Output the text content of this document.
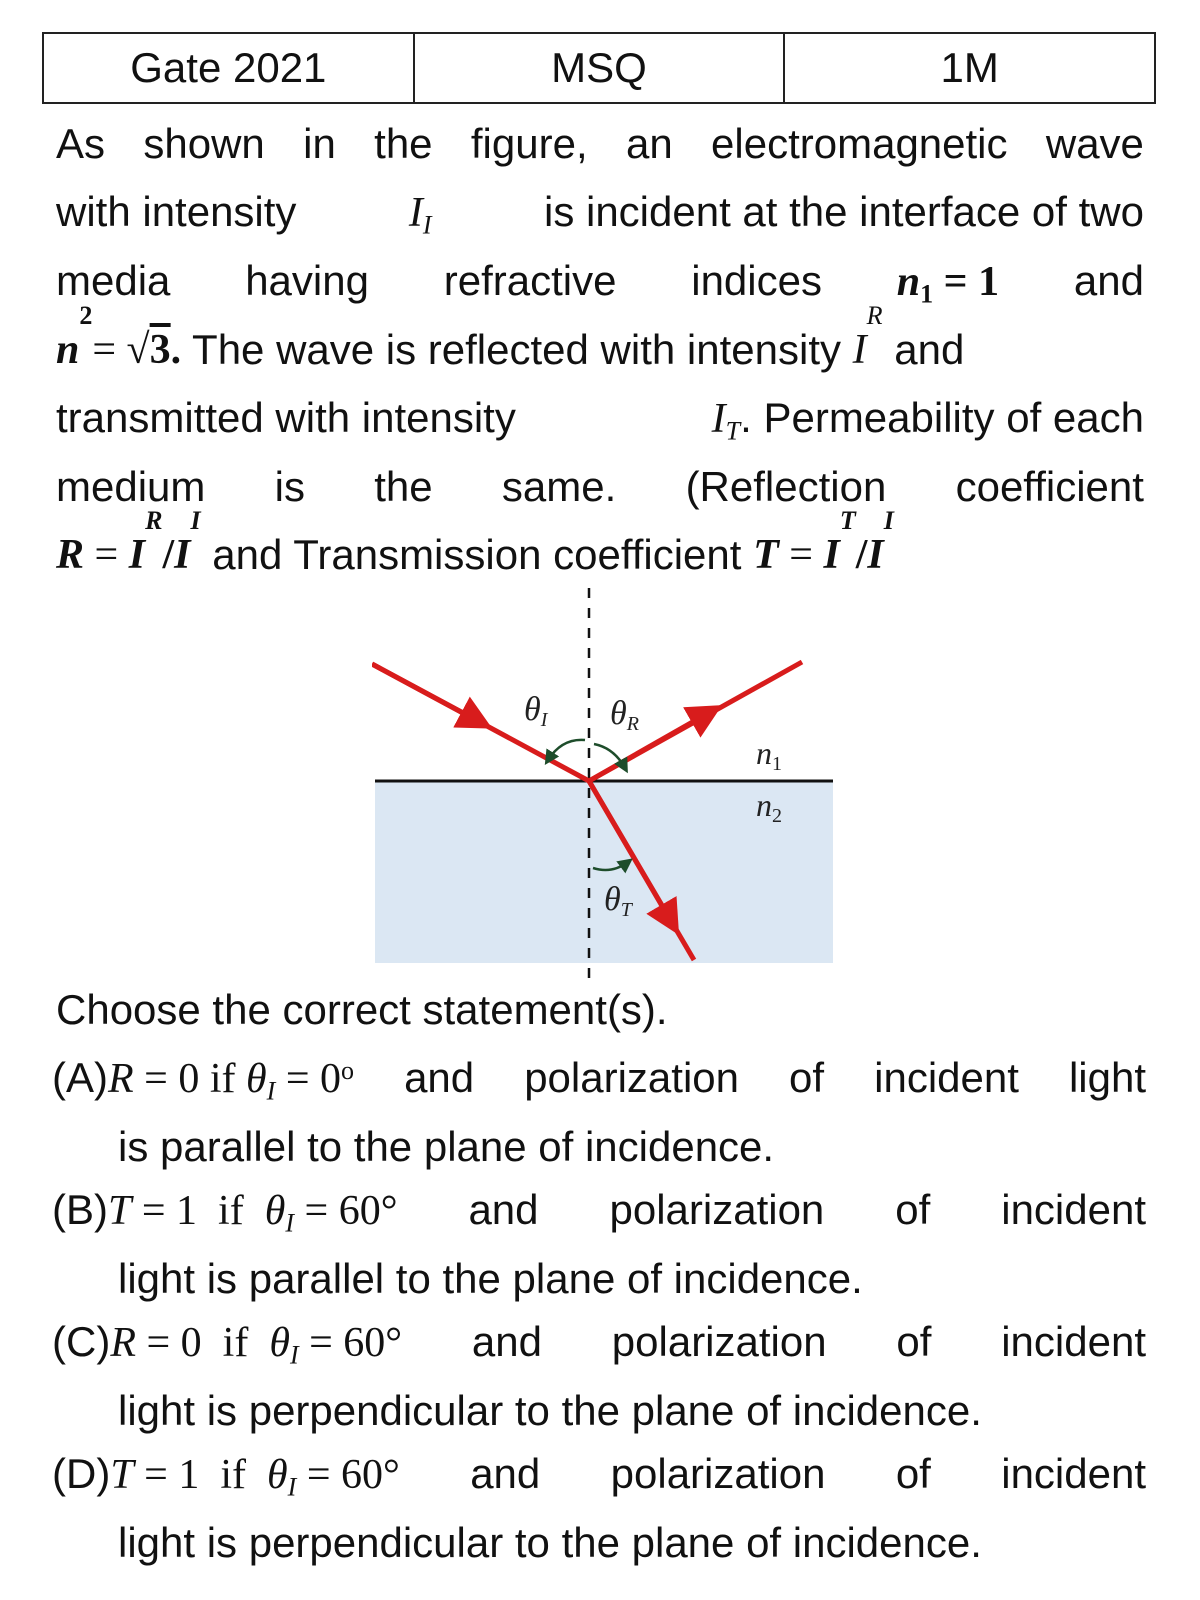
Gate 2021	MSQ	1M
As shown in the figure, an electromagnetic wave
with intensity	$I_I$	is incident at the interface of two
media having refractive indices $n_1 = 1$ and
n
2
= √ 3 . The wave is reflected with intensity I
R
and
transmitted with intensity	$I_T$. Permeability of each
medium is the same. (Reflection coefficient
R = I
R
/ I
I
and Transmission coefficient T = I
T
/ I
I
θI θR
θT
n1
n2
Choose the correct statement(s).
(A)R = 0 if $\theta_I = 0^o$ and polarization of incident light
is parallel to the plane of incidence.
(B)T = 1  if  $\theta_I = 60^\circ$ and polarization of incident
light is parallel to the plane of incidence.
(C)R = 0  if  $\theta_I = 60^\circ$ and polarization of incident
light is perpendicular to the plane of incidence.
(D)T = 1  if  $\theta_I = 60^\circ$ and polarization of incident
light is perpendicular to the plane of incidence.
